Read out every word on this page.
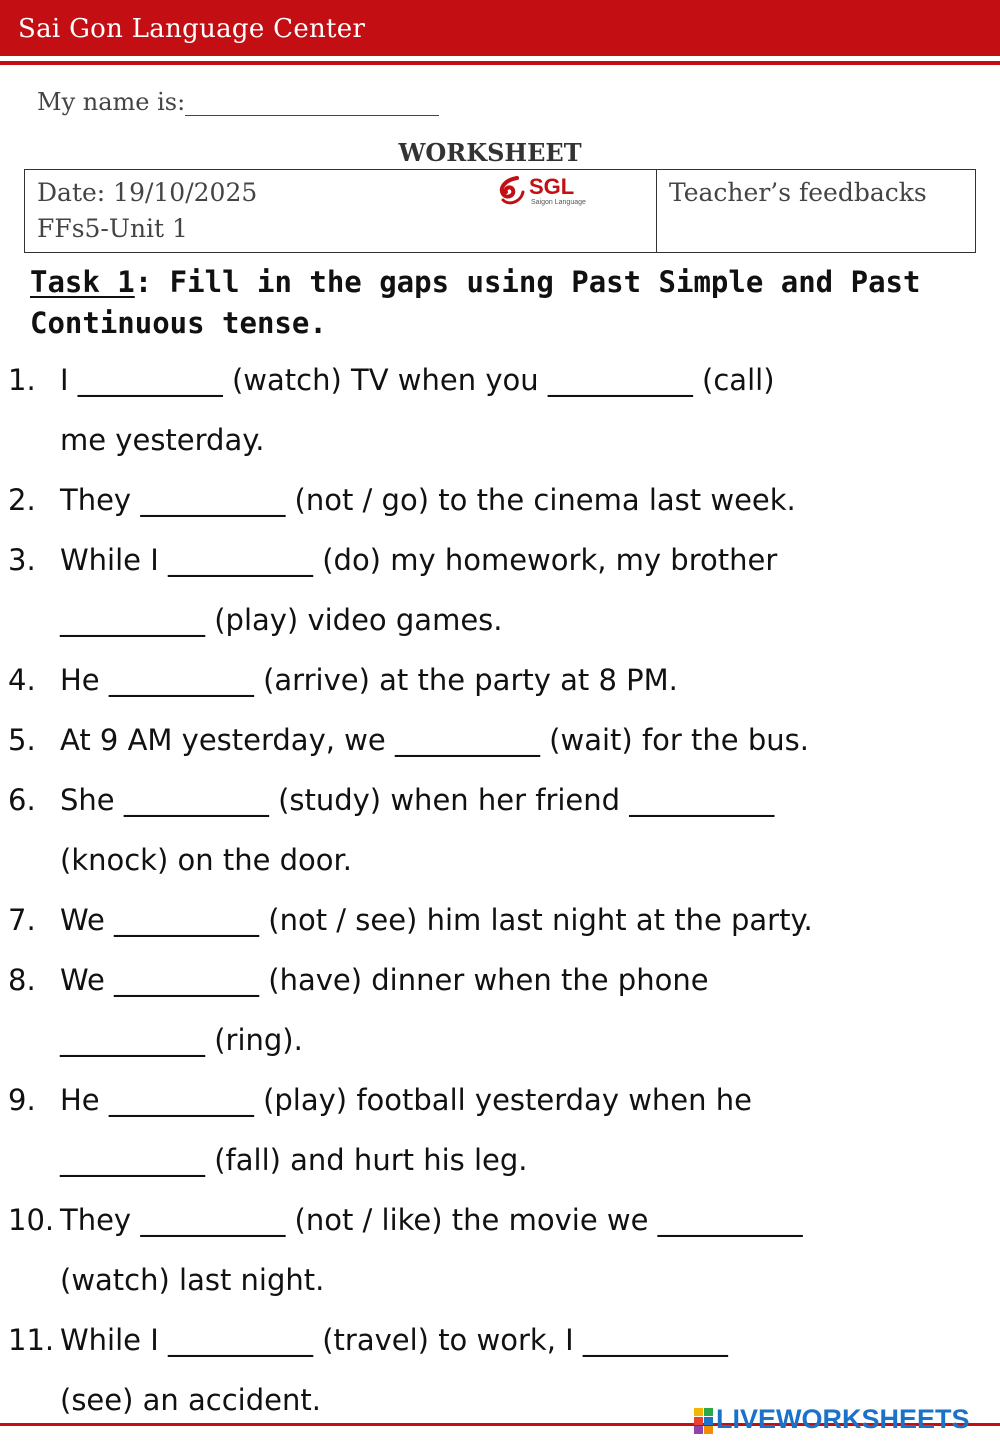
Sai Gon Language Center
My name is:
WORKSHEET
Date: 19/10/2025
FFs5-Unit 1
SGL
Saigon Language	Teacher’s feedbacks
Task 1: Fill in the gaps using Past Simple and Past Continuous tense.
1. I __________ (watch) TV when you __________ (call)
me yesterday.
2. They __________ (not / go) to the cinema last week.
3. While I __________ (do) my homework, my brother
__________ (play) video games.
4. He __________ (arrive) at the party at 8 PM.
5. At 9 AM yesterday, we __________ (wait) for the bus.
6. She __________ (study) when her friend __________
(knock) on the door.
7. We __________ (not / see) him last night at the party.
8. We __________ (have) dinner when the phone
__________ (ring).
9. He __________ (play) football yesterday when he
__________ (fall) and hurt his leg.
10. They __________ (not / like) the movie we __________
(watch) last night.
11. While I __________ (travel) to work, I __________
(see) an accident.
LIVEWORKSHEETS
